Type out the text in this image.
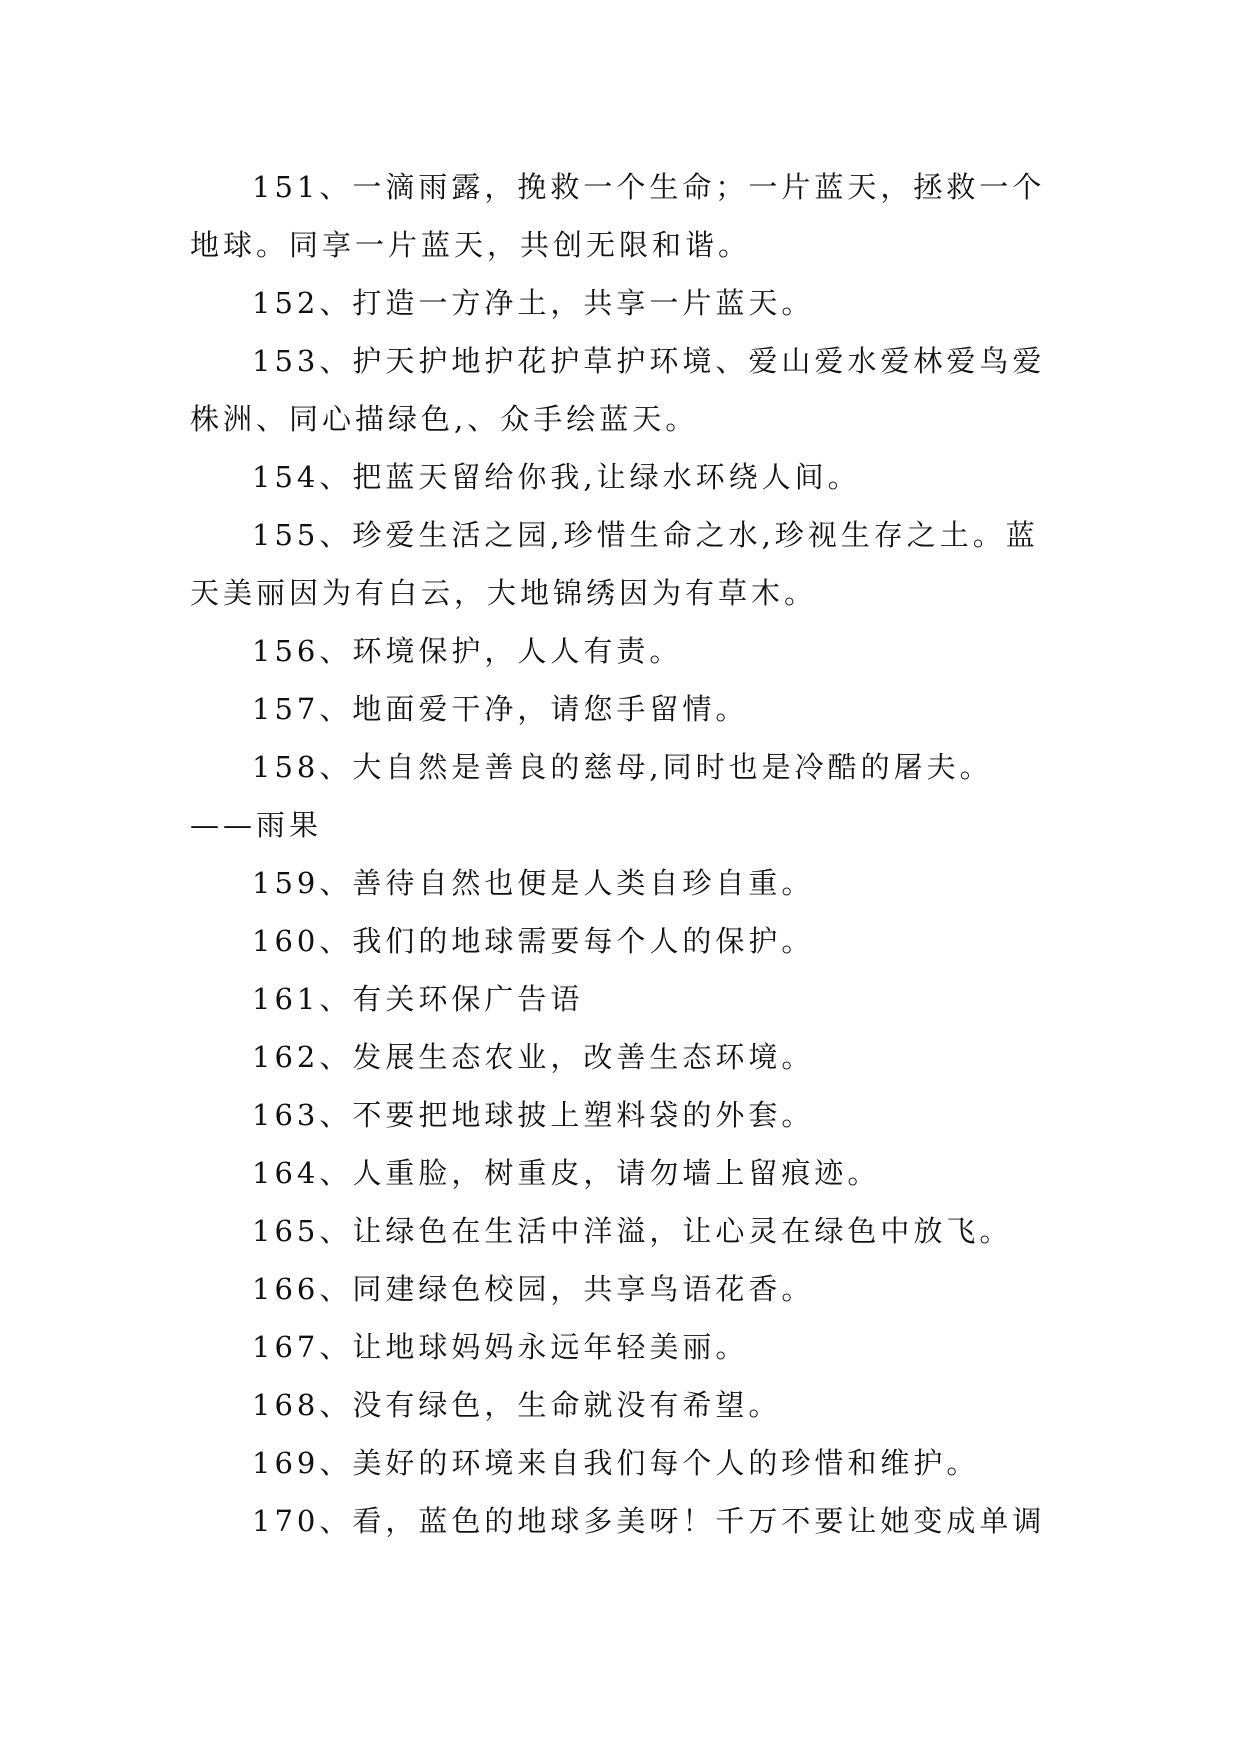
151、一滴雨露，挽救一个生命；一片蓝天，拯救一个地球。同享一片蓝天，共创无限和谐。

152、打造一方净土，共享一片蓝天。

153、护天护地护花护草护环境、爱山爱水爱林爱鸟爱株洲、同心描绿色,、众手绘蓝天。

154、把蓝天留给你我,让绿水环绕人间。

155、珍爱生活之园,珍惜生命之水,珍视生存之土。蓝天美丽因为有白云，大地锦绣因为有草木。

156、环境保护，人人有责。

157、地面爱干净，请您手留情。

158、大自然是善良的慈母,同时也是冷酷的屠夫。——雨果

159、善待自然也便是人类自珍自重。

160、我们的地球需要每个人的保护。

161、有关环保广告语

162、发展生态农业，改善生态环境。

163、不要把地球披上塑料袋的外套。

164、人重脸，树重皮，请勿墙上留痕迹。

165、让绿色在生活中洋溢，让心灵在绿色中放飞。

166、同建绿色校园，共享鸟语花香。

167、让地球妈妈永远年轻美丽。

168、没有绿色，生命就没有希望。

169、美好的环境来自我们每个人的珍惜和维护。

170、看，蓝色的地球多美呀！千万不要让她变成单调
